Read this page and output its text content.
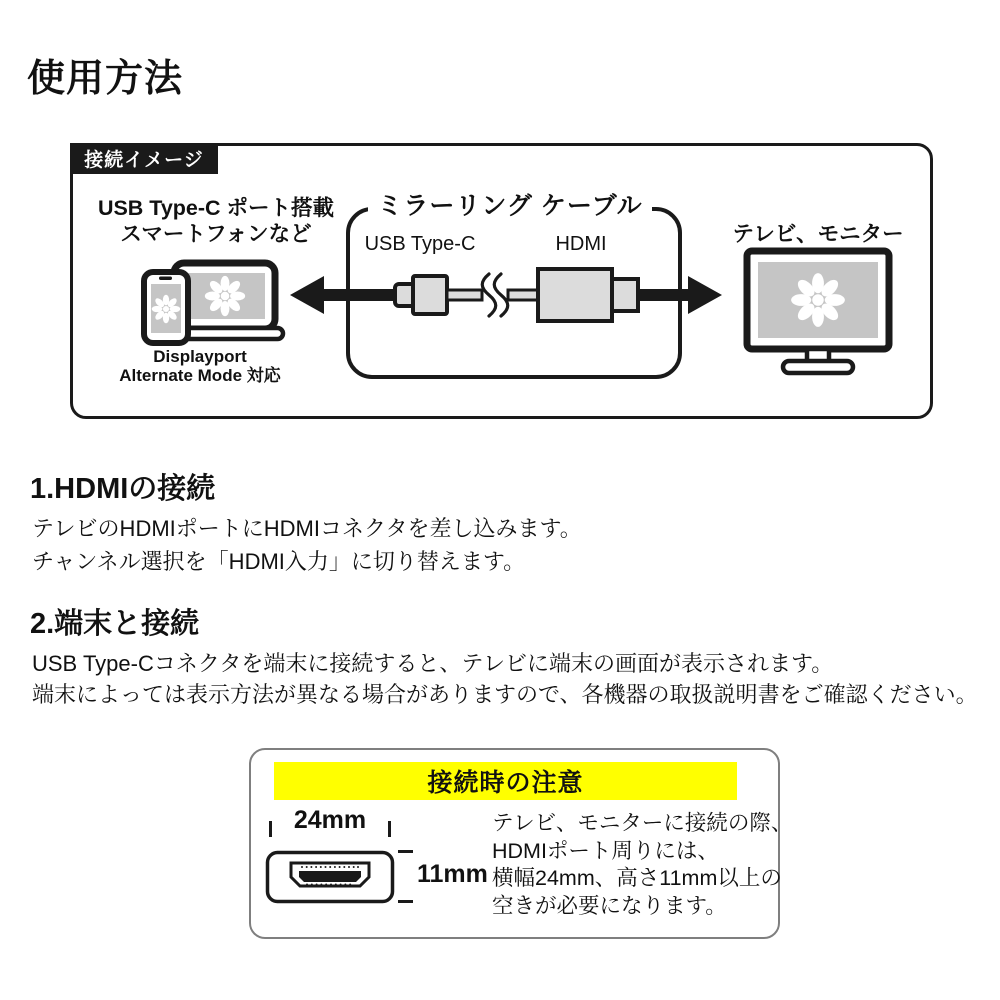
使用方法
接続イメージ
USB Type-C ポート搭載
スマートフォンなど
Displayport
Alternate Mode 対応
ミラーリング ケーブル
USB Type-C	HDMI	テレビ、モニター
1.HDMIの接続
テレビのHDMIポートにHDMIコネクタを差し込みます。
チャンネル選択を「HDMI入力」に切り替えます。
2.端末と接続
USB Type-Cコネクタを端末に接続すると、テレビに端末の画面が表示されます。
端末によっては表示方法が異なる場合がありますので、各機器の取扱説明書をご確認ください。
接続時の注意
24mm
11mm
テレビ、モニターに接続の際、
HDMIポート周りには、
横幅24mm、高さ11mm以上の
空きが必要になります。
